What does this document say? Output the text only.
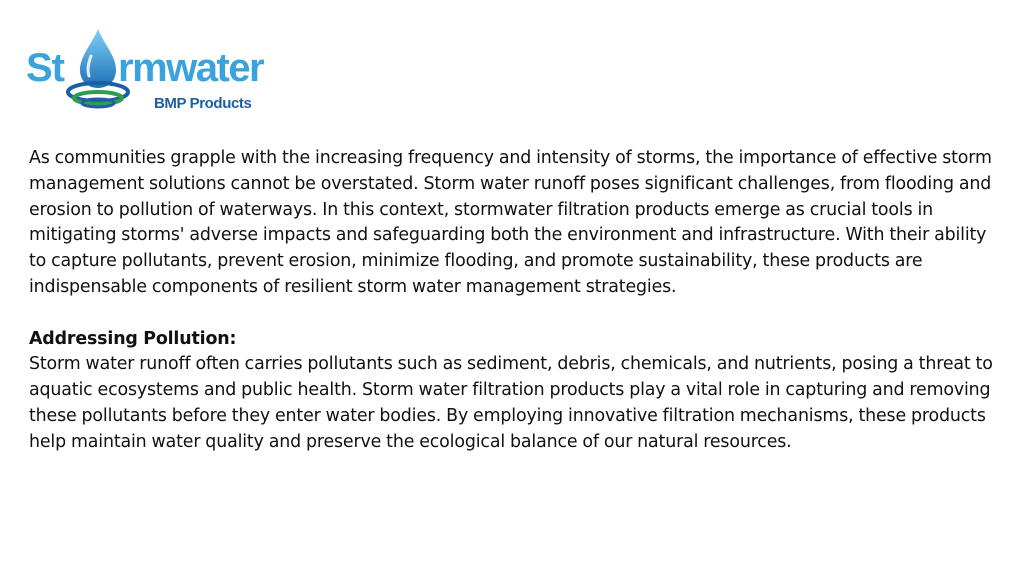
St rmwater
BMP Products

As communities grapple with the increasing frequency and intensity of storms, the importance of effective storm management solutions cannot be overstated. Storm water runoff poses significant challenges, from flooding and erosion to pollution of waterways. In this context, stormwater filtration products emerge as crucial tools in mitigating storms' adverse impacts and safeguarding both the environment and infrastructure. With their ability to capture pollutants, prevent erosion, minimize flooding, and promote sustainability, these products are indispensable components of resilient storm water management strategies.

Addressing Pollution:

Storm water runoff often carries pollutants such as sediment, debris, chemicals, and nutrients, posing a threat to aquatic ecosystems and public health. Storm water filtration products play a vital role in capturing and removing these pollutants before they enter water bodies. By employing innovative filtration mechanisms, these products help maintain water quality and preserve the ecological balance of our natural resources.
